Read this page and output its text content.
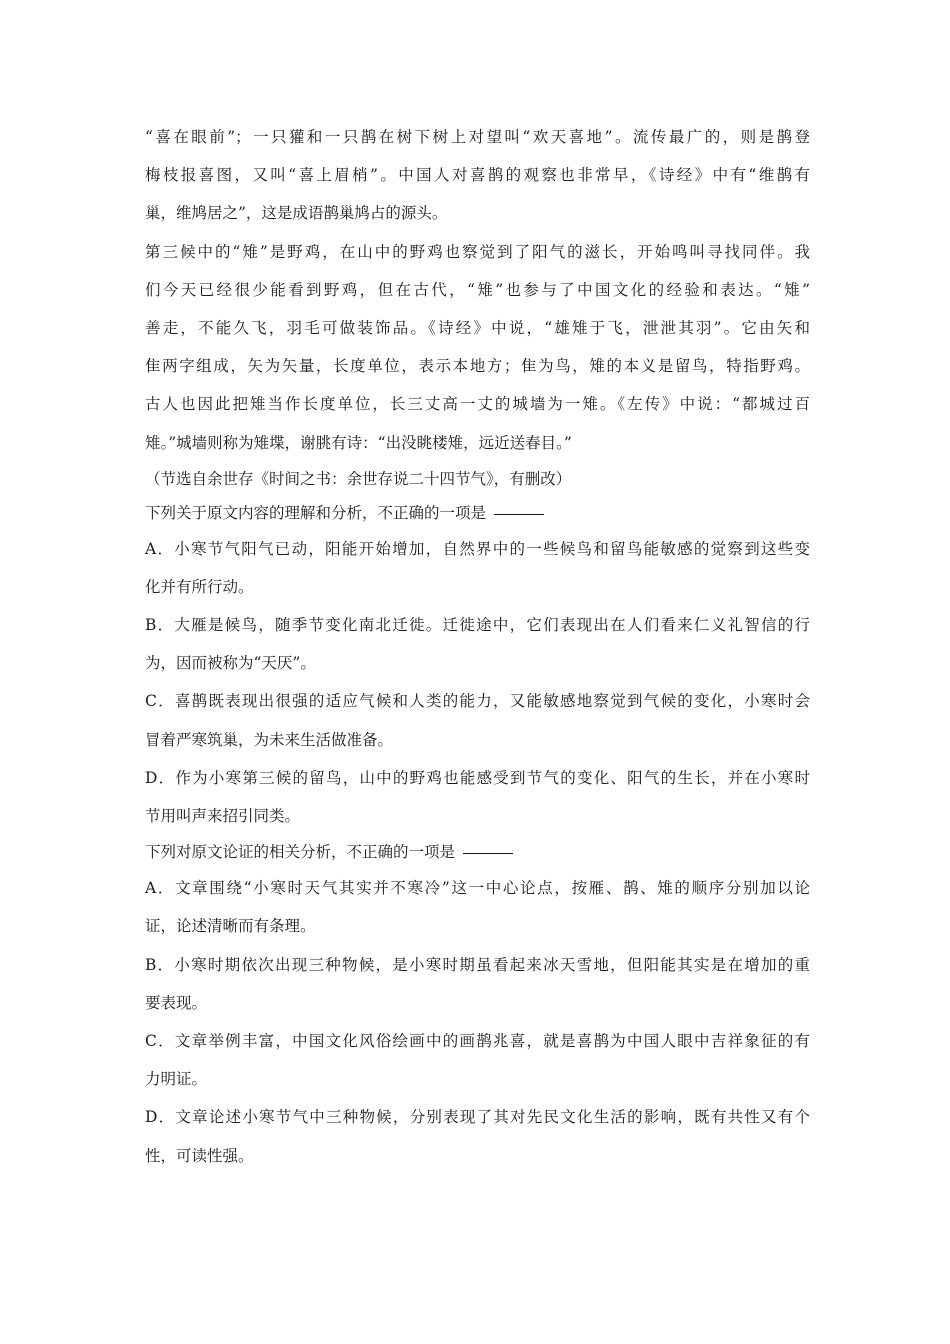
“喜在眼前”；一只獾和一只鹊在树下树上对望叫“欢天喜地”。流传最广的，则是鹊登
梅枝报喜图，又叫“喜上眉梢”。中国人对喜鹊的观察也非常早，《诗经》中有“维鹊有
巢，维鸠居之”，这是成语鹊巢鸠占的源头。
第三候中的“雉”是野鸡，在山中的野鸡也察觉到了阳气的滋长，开始鸣叫寻找同伴。我
们今天已经很少能看到野鸡，但在古代，“雉”也参与了中国文化的经验和表达。“雉”
善走，不能久飞，羽毛可做装饰品。《诗经》中说，“雄雉于飞，泄泄其羽”。它由矢和
隹两字组成，矢为矢量，长度单位，表示本地方；隹为鸟，雉的本义是留鸟，特指野鸡。
古人也因此把雉当作长度单位，长三丈高一丈的城墙为一雉。《左传》中说：“都城过百
雉。”城墙则称为雉堞，谢朓有诗：“出没眺楼雉，远近送春目。”
（节选自余世存《时间之书：余世存说二十四节气》，有删改）
下列关于原文内容的理解和分析，不正确的一项是
A．小寒节气阳气已动，阳能开始增加，自然界中的一些候鸟和留鸟能敏感的觉察到这些变
化并有所行动。
B．大雁是候鸟，随季节变化南北迁徙。迁徙途中，它们表现出在人们看来仁义礼智信的行
为，因而被称为“天厌”。
C．喜鹊既表现出很强的适应气候和人类的能力，又能敏感地察觉到气候的变化，小寒时会
冒着严寒筑巢，为未来生活做准备。
D．作为小寒第三候的留鸟，山中的野鸡也能感受到节气的变化、阳气的生长，并在小寒时
节用叫声来招引同类。
下列对原文论证的相关分析，不正确的一项是
A．文章围绕“小寒时天气其实并不寒冷”这一中心论点，按雁、鹊、雉的顺序分别加以论
证，论述清晰而有条理。
B．小寒时期依次出现三种物候，是小寒时期虽看起来冰天雪地，但阳能其实是在增加的重
要表现。
C．文章举例丰富，中国文化风俗绘画中的画鹊兆喜，就是喜鹊为中国人眼中吉祥象征的有
力明证。
D．文章论述小寒节气中三种物候，分别表现了其对先民文化生活的影响，既有共性又有个
性，可读性强。
